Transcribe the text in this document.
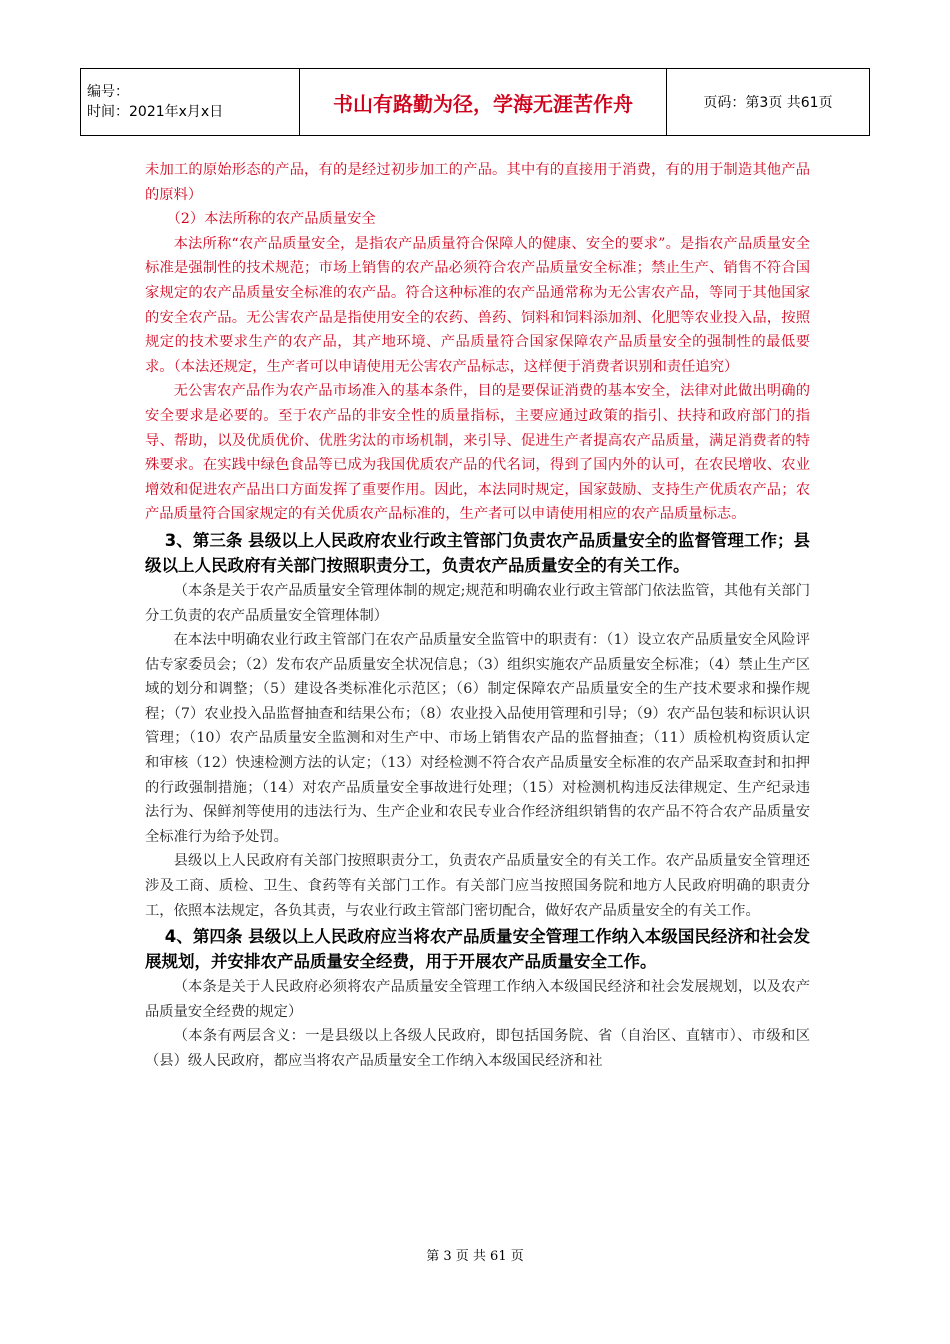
编号：
时间：2021年x月x日	书山有路勤为径，学海无涯苦作舟	页码：第3页 共61页

未加工的原始形态的产品，有的是经过初步加工的产品。其中有的直接用于消费，有的用于制造其他产品的原料）

（2）本法所称的农产品质量安全

本法所称“农产品质量安全，是指农产品质量符合保障人的健康、安全的要求”。是指农产品质量安全标准是强制性的技术规范；市场上销售的农产品必须符合农产品质量安全标准；禁止生产、销售不符合国家规定的农产品质量安全标准的农产品。符合这种标准的农产品通常称为无公害农产品，等同于其他国家的安全农产品。无公害农产品是指使用安全的农药、兽药、饲料和饲料添加剂、化肥等农业投入品，按照规定的技术要求生产的农产品，其产地环境、产品质量符合国家保障农产品质量安全的强制性的最低要求。（本法还规定，生产者可以申请使用无公害农产品标志，这样便于消费者识别和责任追究）

无公害农产品作为农产品市场准入的基本条件，目的是要保证消费的基本安全，法律对此做出明确的安全要求是必要的。至于农产品的非安全性的质量指标，主要应通过政策的指引、扶持和政府部门的指导、帮助，以及优质优价、优胜劣汰的市场机制，来引导、促进生产者提高农产品质量，满足消费者的特殊要求。在实践中绿色食品等已成为我国优质农产品的代名词，得到了国内外的认可，在农民增收、农业增效和促进农产品出口方面发挥了重要作用。因此，本法同时规定，国家鼓励、支持生产优质农产品；农产品质量符合国家规定的有关优质农产品标准的，生产者可以申请使用相应的农产品质量标志。

3、第三条 县级以上人民政府农业行政主管部门负责农产品质量安全的监督管理工作；县级以上人民政府有关部门按照职责分工，负责农产品质量安全的有关工作。

（本条是关于农产品质量安全管理体制的规定;规范和明确农业行政主管部门依法监管，其他有关部门分工负责的农产品质量安全管理体制）

在本法中明确农业行政主管部门在农产品质量安全监管中的职责有：（1）设立农产品质量安全风险评估专家委员会；（2）发布农产品质量安全状况信息；（3）组织实施农产品质量安全标准；（4）禁止生产区域的划分和调整；（5）建设各类标准化示范区；（6）制定保障农产品质量安全的生产技术要求和操作规程；（7）农业投入品监督抽查和结果公布；（8）农业投入品使用管理和引导；（9）农产品包装和标识认识管理；（10）农产品质量安全监测和对生产中、市场上销售农产品的监督抽查；（11）质检机构资质认定和审核（12）快速检测方法的认定；（13）对经检测不符合农产品质量安全标准的农产品采取查封和扣押的行政强制措施；（14）对农产品质量安全事故进行处理；（15）对检测机构违反法律规定、生产纪录违法行为、保鲜剂等使用的违法行为、生产企业和农民专业合作经济组织销售的农产品不符合农产品质量安全标准行为给予处罚。

县级以上人民政府有关部门按照职责分工，负责农产品质量安全的有关工作。农产品质量安全管理还涉及工商、质检、卫生、食药等有关部门工作。有关部门应当按照国务院和地方人民政府明确的职责分工，依照本法规定，各负其责，与农业行政主管部门密切配合，做好农产品质量安全的有关工作。

4、第四条 县级以上人民政府应当将农产品质量安全管理工作纳入本级国民经济和社会发展规划，并安排农产品质量安全经费，用于开展农产品质量安全工作。

（本条是关于人民政府必须将农产品质量安全管理工作纳入本级国民经济和社会发展规划，以及农产品质量安全经费的规定）

（本条有两层含义：一是县级以上各级人民政府，即包括国务院、省（自治区、直辖市）、市级和区（县）级人民政府，都应当将农产品质量安全工作纳入本级国民经济和社

第 3 页 共 61 页
